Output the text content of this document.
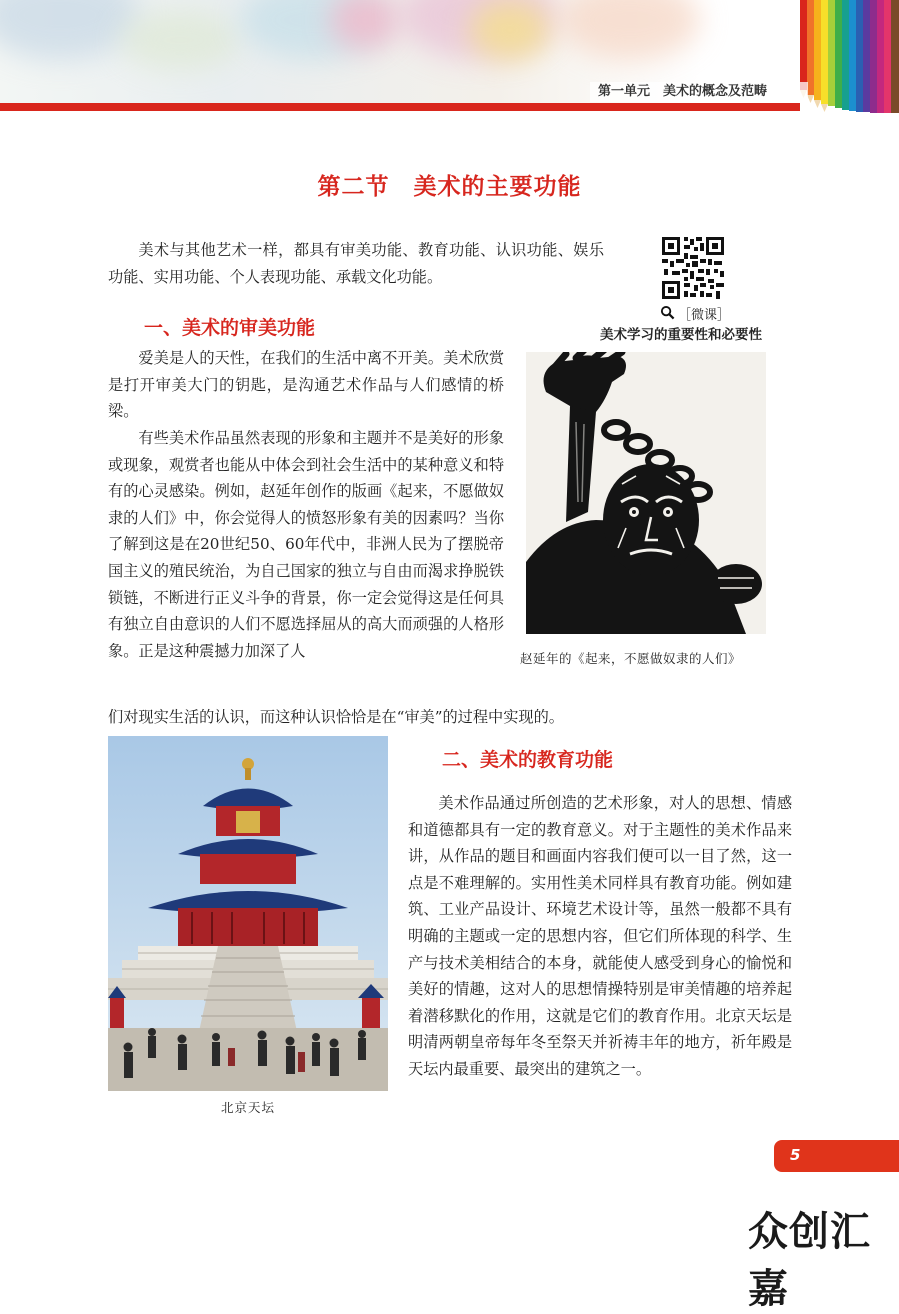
第一单元　美术的概念及范畴
第二节　美术的主要功能

美术与其他艺术一样，都具有审美功能、教育功能、认识功能、娱乐功能、实用功能、个人表现功能、承载文化功能。

［微课］
美术学习的重要性和必要性
一、美术的审美功能

爱美是人的天性，在我们的生活中离不开美。美术欣赏是打开审美大门的钥匙，是沟通艺术作品与人们感情的桥梁。

有些美术作品虽然表现的形象和主题并不是美好的形象或现象，观赏者也能从中体会到社会生活中的某种意义和特有的心灵感染。例如，赵延年创作的版画《起来，不愿做奴隶的人们》中，你会觉得人的愤怒形象有美的因素吗？当你了解到这是在20世纪50、60年代中，非洲人民为了摆脱帝国主义的殖民统治，为自己国家的独立与自由而渴求挣脱铁锁链，不断进行正义斗争的背景，你一定会觉得这是任何具有独立自由意识的人们不愿选择屈从的高大而顽强的人格形象。正是这种震撼力加深了人

们对现实生活的认识，而这种认识恰恰是在“审美”的过程中实现的。

赵延年的《起来，不愿做奴隶的人们》
北京天坛
二、美术的教育功能

美术作品通过所创造的艺术形象，对人的思想、情感和道德都具有一定的教育意义。对于主题性的美术作品来讲，从作品的题目和画面内容我们便可以一目了然，这一点是不难理解的。实用性美术同样具有教育功能。例如建筑、工业产品设计、环境艺术设计等，虽然一般都不具有明确的主题或一定的思想内容，但它们所体现的科学、生产与技术美相结合的本身，就能使人感受到身心的愉悦和美好的情趣，这对人的思想情操特别是审美情趣的培养起着潜移默化的作用，这就是它们的教育作用。北京天坛是明清两朝皇帝每年冬至祭天并祈祷丰年的地方，祈年殿是天坛内最重要、最突出的建筑之一。

5
众创汇嘉
